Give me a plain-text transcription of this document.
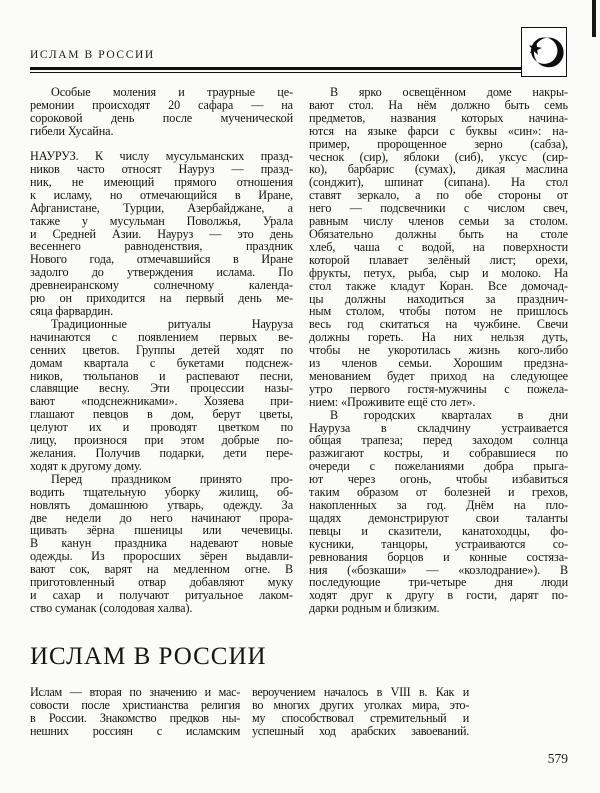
ИСЛАМ В РОССИИ
Особые моления и траурные це-
ремонии происходят 20 сафара — на
сороковой день после мученической
гибели Хусайна.
НАУРУЗ. К числу мусульманских празд-
ников часто относят Науруз — празд-
ник, не имеющий прямого отношения
к исламу, но отмечающийся в Иране,
Афганистане, Турции, Азербайджане, а
также у мусульман Поволжья, Урала
и Средней Азии. Науруз — это день
весеннего равноденствия, праздник
Нового года, отмечавшийся в Иране
задолго до утверждения ислама. По
древнеиранскому солнечному календа-
рю он приходится на первый день ме-
сяца фарвардин.
Традиционные ритуалы Науруза
начинаются с появлением первых ве-
сенних цветов. Группы детей ходят по
домам квартала с букетами подснеж-
ников, тюльпанов и распевают песни,
славящие весну. Эти процессии назы-
вают «подснежниками». Хозяева при-
глашают певцов в дом, берут цветы,
целуют их и проводят цветком по
лицу, произнося при этом добрые по-
желания. Получив подарки, дети пере-
ходят к другому дому.
Перед праздником принято про-
водить тщательную уборку жилищ, об-
новлять домашнюю утварь, одежду. За
две недели до него начинают прора-
щивать зёрна пшеницы или чечевицы.
В канун праздника надевают новые
одежды. Из проросших зёрен выдавли-
вают сок, варят на медленном огне. В
приготовленный отвар добавляют муку
и сахар и получают ритуальное лаком-
ство суманак (солодовая халва).
В ярко освещённом доме накры-
вают стол. На нём должно быть семь
предметов, названия которых начина-
ются на языке фарси с буквы «син»: на-
пример, пророщенное зерно (сабза),
чеснок (сир), яблоки (сиб), уксус (сир-
ко), барбарис (сумах), дикая маслина
(сонджит), шпинат (сипана). На стол
ставят зеркало, а по обе стороны от
него — подсвечники с числом свеч,
равным числу членов семьи за столом.
Обязательно должны быть на столе
хлеб, чаша с водой, на поверхности
которой плавает зелёный лист; орехи,
фрукты, петух, рыба, сыр и молоко. На
стол также кладут Коран. Все домочад-
цы должны находиться за празднич-
ным столом, чтобы потом не пришлось
весь год скитаться на чужбине. Свечи
должны гореть. На них нельзя дуть,
чтобы не укоротилась жизнь кого-либо
из членов семьи. Хорошим предзна-
менованием будет приход на следующее
утро первого гостя-мужчины с пожела-
нием: «Проживите ещё сто лет».
В городских кварталах в дни
Науруза в складчину устраивается
общая трапеза; перед заходом солнца
разжигают костры, и собравшиеся по
очереди с пожеланиями добра прыга-
ют через огонь, чтобы избавиться
таким образом от болезней и грехов,
накопленных за год. Днём на пло-
щадях демонстрируют свои таланты
певцы и сказители, канатоходцы, фо-
кусники, танцоры, устраиваются со-
ревнования борцов и конные состяза-
ния («бозкаши» — «козлодрание»). В
последующие три-четыре дня люди
ходят друг к другу в гости, дарят по-
дарки родным и близким.
ИСЛАМ В РОССИИ
Ислам — вторая по значению и мас-
совости после христианства религия
в России. Знакомство предков ны-
нешних россиян с исламским
вероучением началось в VIII в. Как и
во многих других уголках мира, это-
му способствовал стремительный и
успешный ход арабских завоеваний.
579
